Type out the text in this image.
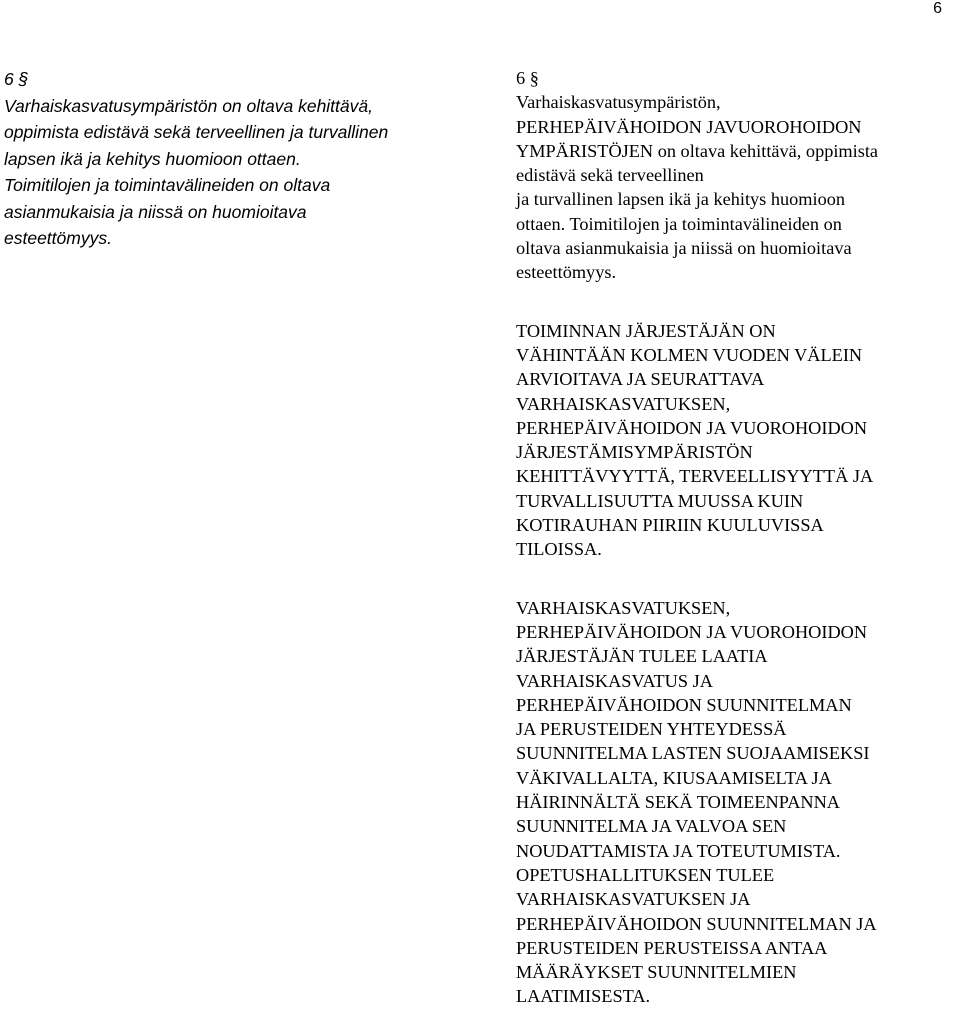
6
6 §
Varhaiskasvatusympäristön on oltava kehittävä,
oppimista edistävä sekä terveellinen ja turvallinen
lapsen ikä ja kehitys huomioon ottaen.
Toimitilojen ja toimintavälineiden on oltava
asianmukaisia ja niissä on huomioitava
esteettömyys.
6 §
Varhaiskasvatusympäristön,
PERHEPÄIVÄHOIDON JAVUOROHOIDON
YMPÄRISTÖJEN on oltava kehittävä, oppimista
edistävä sekä terveellinen
ja turvallinen lapsen ikä ja kehitys huomioon
ottaen. Toimitilojen ja toimintavälineiden on
oltava asianmukaisia ja niissä on huomioitava
esteettömyys.
TOIMINNAN JÄRJESTÄJÄN ON
VÄHINTÄÄN KOLMEN VUODEN VÄLEIN
ARVIOITAVA JA SEURATTAVA
VARHAISKASVATUKSEN,
PERHEPÄIVÄHOIDON JA VUOROHOIDON
JÄRJESTÄMISYMPÄRISTÖN
KEHITTÄVYYTTÄ, TERVEELLISYYTTÄ JA
TURVALLISUUTTA MUUSSA KUIN
KOTIRAUHAN PIIRIIN KUULUVISSA
TILOISSA.
VARHAISKASVATUKSEN,
PERHEPÄIVÄHOIDON JA VUOROHOIDON
JÄRJESTÄJÄN TULEE LAATIA
VARHAISKASVATUS JA
PERHEPÄIVÄHOIDON SUUNNITELMAN
JA PERUSTEIDEN YHTEYDESSÄ
SUUNNITELMA LASTEN SUOJAAMISEKSI
VÄKIVALLALTA, KIUSAAMISELTA JA
HÄIRINNÄLTÄ SEKÄ TOIMEENPANNA
SUUNNITELMA JA VALVOA SEN
NOUDATTAMISTA JA TOTEUTUMISTA.
OPETUSHALLITUKSEN TULEE
VARHAISKASVATUKSEN JA
PERHEPÄIVÄHOIDON SUUNNITELMAN JA
PERUSTEIDEN PERUSTEISSA ANTAA
MÄÄRÄYKSET SUUNNITELMIEN
LAATIMISESTA.
